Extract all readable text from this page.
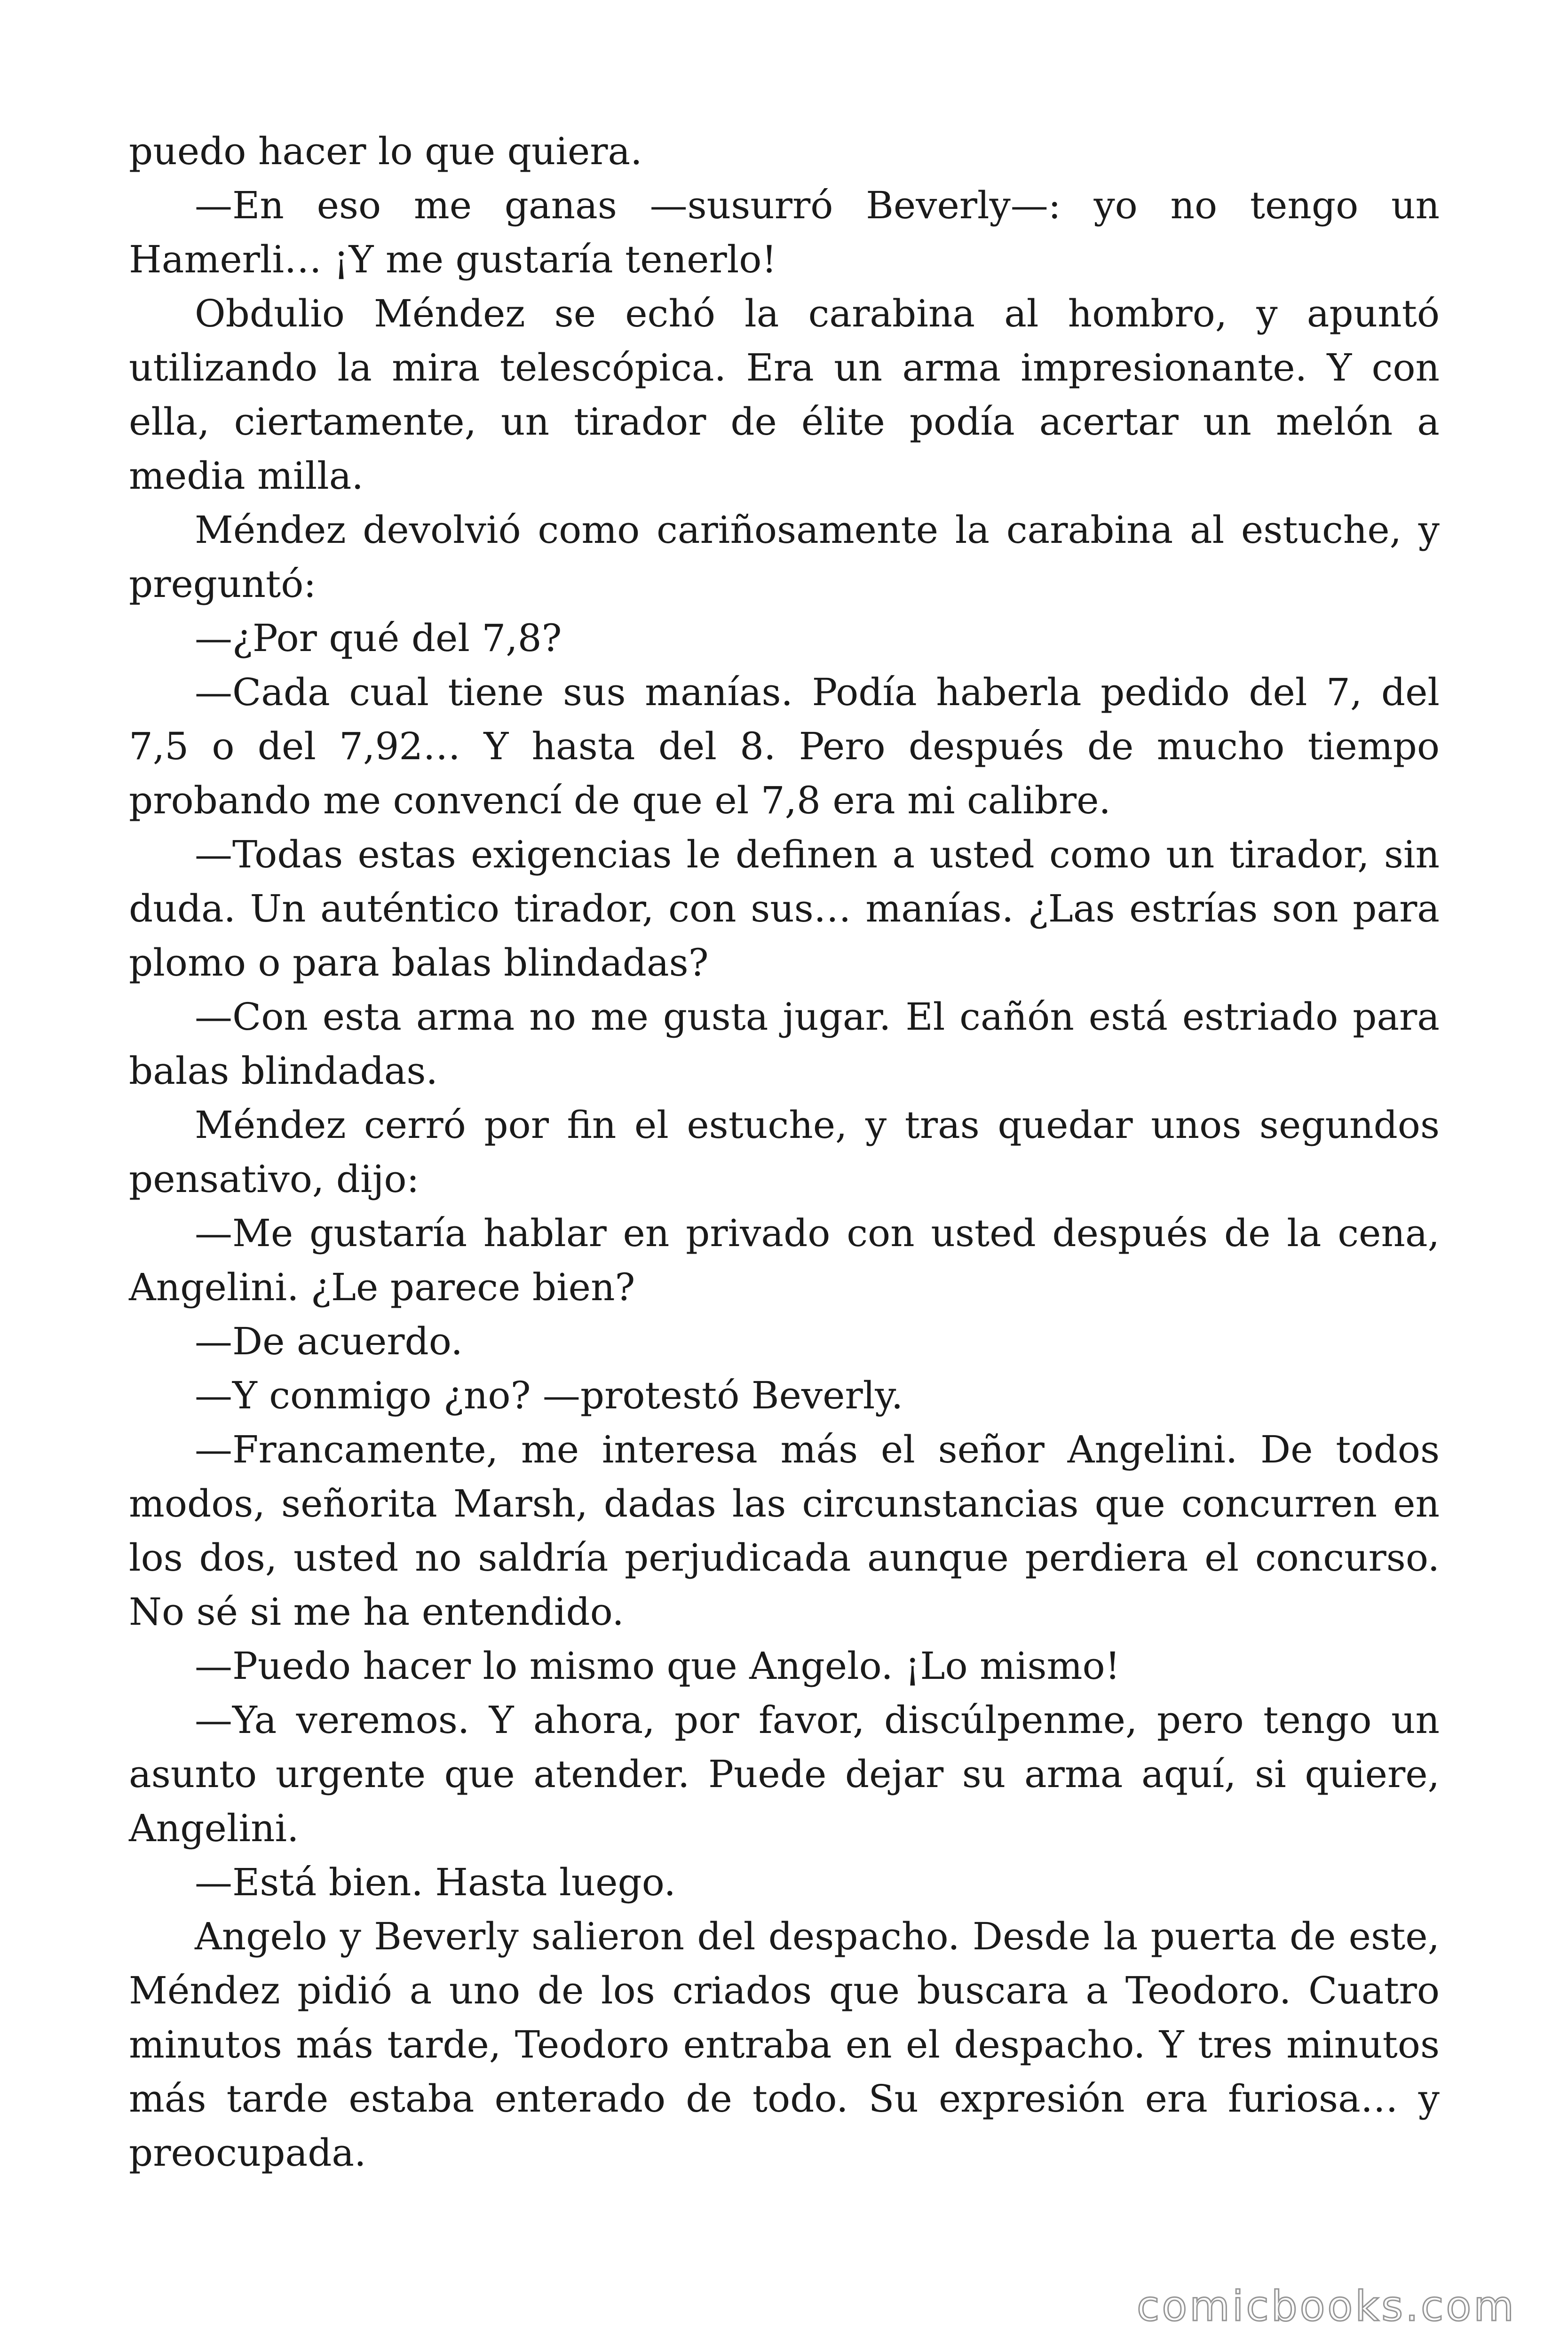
puedo hacer lo que quiera.

—En eso me ganas —susurró Beverly—: yo no tengo un Hamerli… ¡Y me gustaría tenerlo!

Obdulio Méndez se echó la carabina al hombro, y apuntó utilizando la mira telescópica. Era un arma impresionante. Y con ella, ciertamente, un tirador de élite podía acertar un melón a media milla.

Méndez devolvió como cariñosamente la carabina al estuche, y preguntó:

—¿Por qué del 7,8?

—Cada cual tiene sus manías. Podía haberla pedido del 7, del 7,5 o del 7,92… Y hasta del 8. Pero después de mucho tiempo probando me convencí de que el 7,8 era mi calibre.

—Todas estas exigencias le definen a usted como un tirador, sin duda. Un auténtico tirador, con sus… manías. ¿Las estrías son para plomo o para balas blindadas?

—Con esta arma no me gusta jugar. El cañón está estriado para balas blindadas.

Méndez cerró por fin el estuche, y tras quedar unos segundos pensativo, dijo:

—Me gustaría hablar en privado con usted después de la cena, Angelini. ¿Le parece bien?

—De acuerdo.

—Y conmigo ¿no? —protestó Beverly.

—Francamente, me interesa más el señor Angelini. De todos modos, señorita Marsh, dadas las circunstancias que concurren en los dos, usted no saldría perjudicada aunque perdiera el concurso. No sé si me ha entendido.

—Puedo hacer lo mismo que Angelo. ¡Lo mismo!

—Ya veremos. Y ahora, por favor, discúlpenme, pero tengo un asunto urgente que atender. Puede dejar su arma aquí, si quiere, Angelini.

—Está bien. Hasta luego.

Angelo y Beverly salieron del despacho. Desde la puerta de este, Méndez pidió a uno de los criados que buscara a Teodoro. Cuatro minutos más tarde, Teodoro entraba en el despacho. Y tres minutos más tarde estaba enterado de todo. Su expresión era furiosa… y preocupada.

comicbooks.com
